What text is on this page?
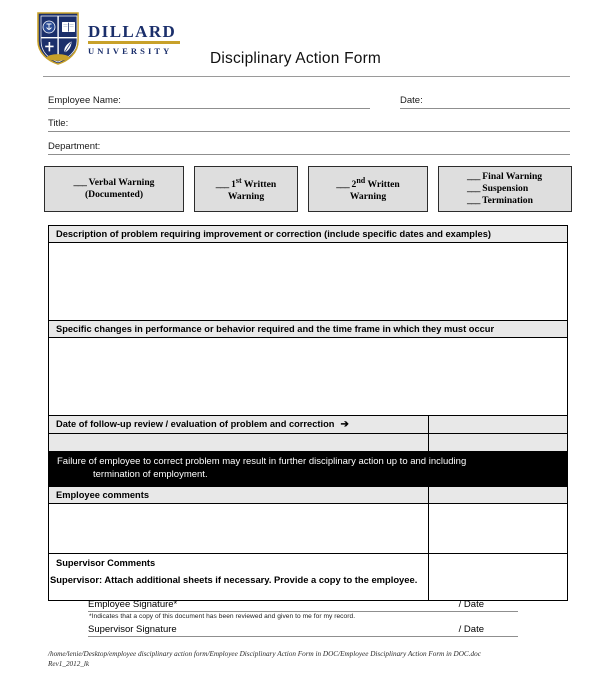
DILLARD
UNIVERSITY	Disciplinary Action Form
Employee Name:	Date:
Title:
Department:
___ Verbal Warning
(Documented)
___ 1st Written
Warning
___ 2nd Written
Warning
___ Final Warning
___ Suspension
___ Termination
Description of problem requiring improvement or correction (include specific dates and examples)
Specific changes in performance or behavior required and the time frame in which they must occur
Date of follow-up review / evaluation of problem and correction ➔
Failure of employee to correct problem may result in further disciplinary action up to and including
termination of employment.
Employee comments
Supervisor Comments
Supervisor: Attach additional sheets if necessary. Provide a copy to the employee.
Employee Signature*	/ Date
*Indicates that a copy of this document has been reviewed and given to me for my record.
Supervisor Signature	/ Date
/home/lenie/Desktop/employee disciplinary action form/Employee Disciplinary Action Form in DOC/Employee Disciplinary Action Form in DOC.doc
Rev1_2012_lk
